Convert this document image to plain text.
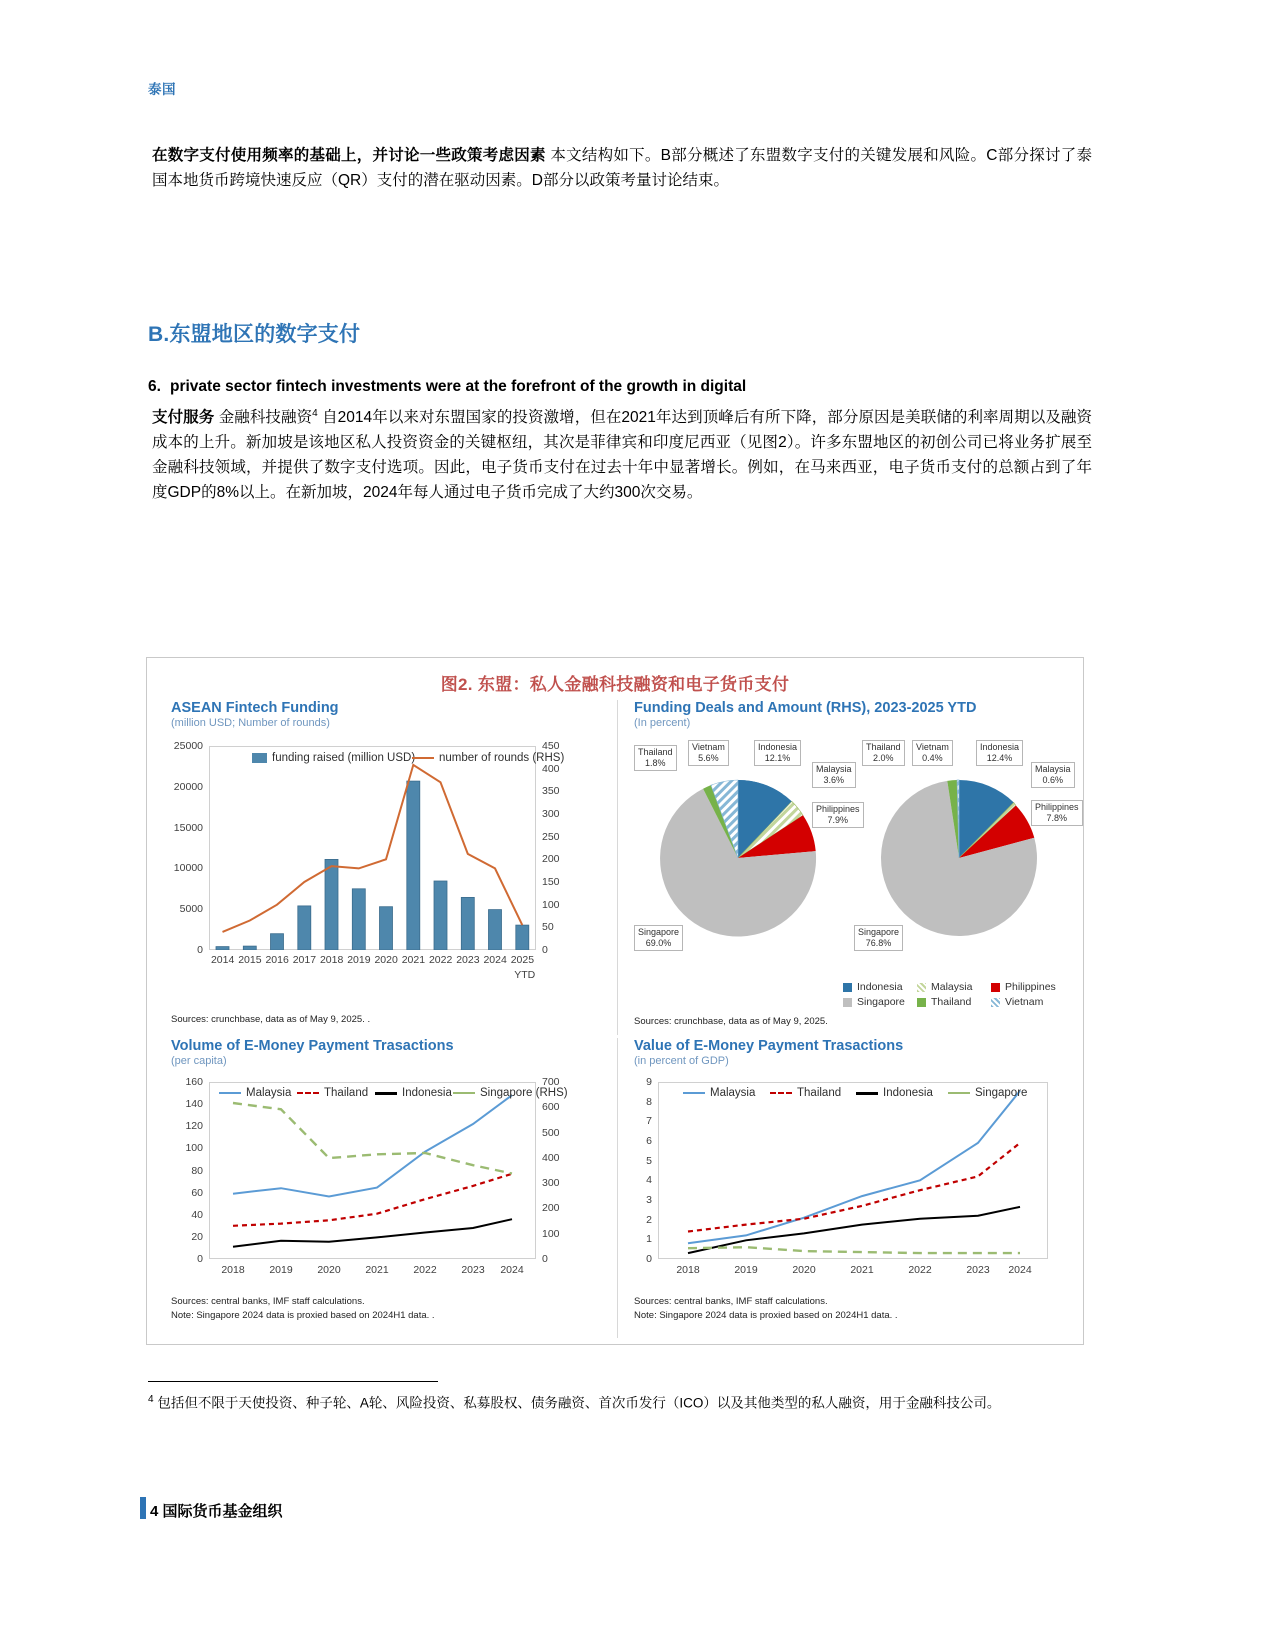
泰国
在数字支付使用频率的基础上，并讨论一些政策考虑因素 本文结构如下。B部分概述了东盟数字支付的关键发展和风险。C部分探讨了泰国本地货币跨境快速反应（QR）支付的潜在驱动因素。D部分以政策考量讨论结束。
B.东盟地区的数字支付
6. private sector fintech investments were at the forefront of the growth in digital
支付服务 金融科技融资$^4$ 自2014年以来对东盟国家的投资激增，但在2021年达到顶峰后有所下降，部分原因是美联储的利率周期以及融资成本的上升。新加坡是该地区私人投资资金的关键枢纽，其次是菲律宾和印度尼西亚（见图2）。许多东盟地区的初创公司已将业务扩展至金融科技领域，并提供了数字支付选项。因此，电子货币支付在过去十年中显著增长。例如，在马来西亚，电子货币支付的总额占到了年度GDP的8%以上。在新加坡，2024年每人通过电子货币完成了大约300次交易。
图2. 东盟：私人金融科技融资和电子货币支付
ASEAN Fintech Funding
(million USD; Number of rounds)
25000
20000
15000
10000
5000
0
450
400
350
300
250
200
150
100
50
0
funding raised (million USD) number of rounds (RHS)
2014 2015 2016 2017 2018 2019 2020 2021 2022 2023 2024 2025
YTD
Sources: crunchbase, data as of May 9, 2025. .
Funding Deals and Amount (RHS), 2023-2025 YTD
(In percent)
Thailand
1.8%
Vietnam
5.6%
Indonesia
12.1%
Malaysia
3.6%
Philippines
7.9%
Singapore
69.0%
Thailand
2.0%
Vietnam
0.4%
Indonesia
12.4%
Malaysia
0.6%
Philippines
7.8%
Singapore
76.8%
Indonesia	Malaysia	Philippines
Singapore Thailand	Vietnam
Sources: crunchbase, data as of May 9, 2025.
Volume of E-Money Payment Trasactions
(per capita)
160
140
120
100
80
60
40
20
0
700
600
500
400
300
200
100
0
Malaysia	Thailand	Indonesia Singapore (RHS)
2018	2019	2020	2021	2022	2023	2024
Sources: central banks, IMF staff calculations.
Note: Singapore 2024 data is proxied based on 2024H1 data. .
Value of E-Money Payment Trasactions
(in percent of GDP)
9
8
7
6
5
4
3
2
1
0
Malaysia	Thailand	Indonesia	Singapore
2018	2019	2020	2021	2022	2023	2024
Sources: central banks, IMF staff calculations.
Note: Singapore 2024 data is proxied based on 2024H1 data. .
$^4$ 包括但不限于天使投资、种子轮、A轮、风险投资、私募股权、债务融资、首次币发行（ICO）以及其他类型的私人融资，用于金融科技公司。
4 国际货币基金组织
